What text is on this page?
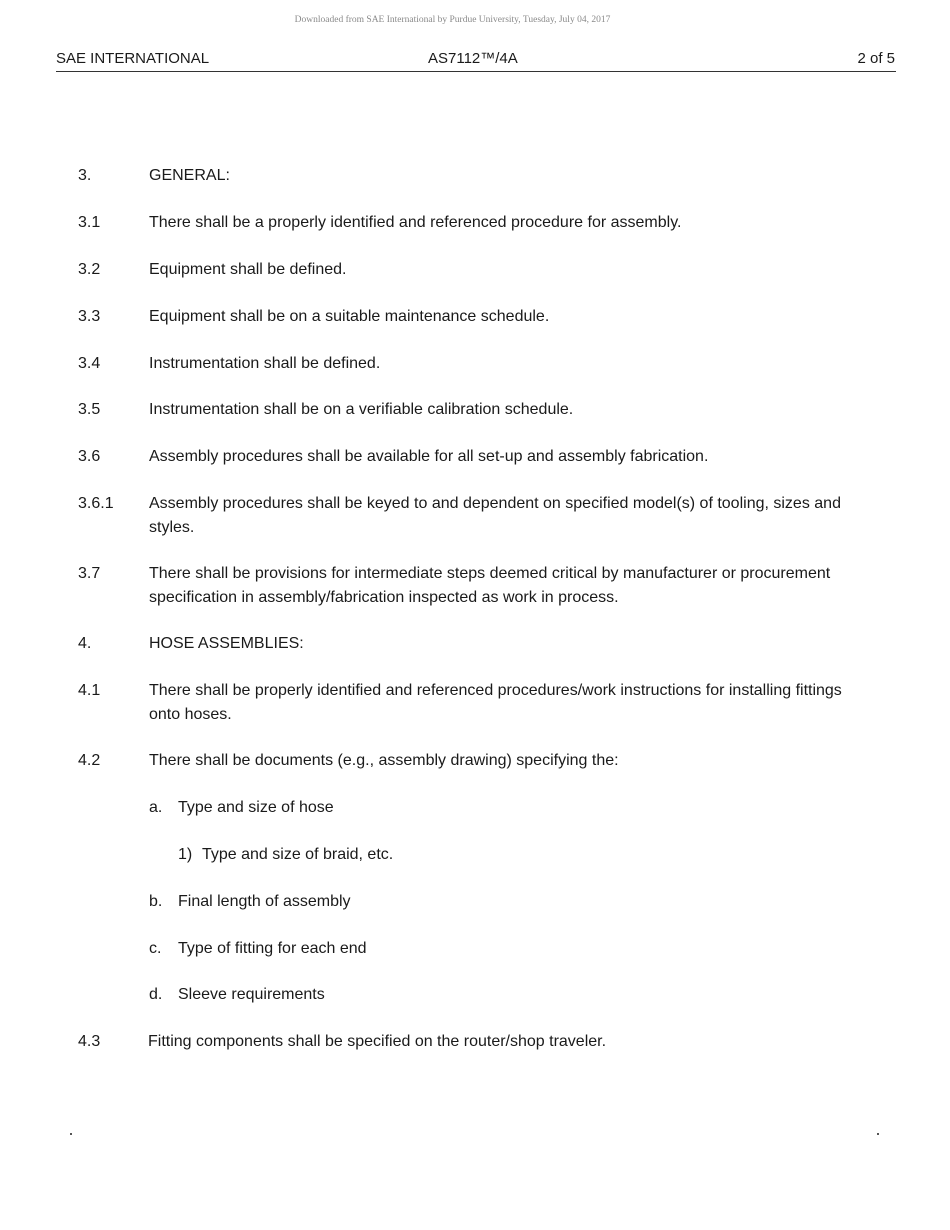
Downloaded from SAE International by Purdue University, Tuesday, July 04, 2017
SAE INTERNATIONAL	AS7112™/4A	2 of 5
3.	GENERAL:
3.1	There shall be a properly identified and referenced procedure for assembly.
3.2	Equipment shall be defined.
3.3	Equipment shall be on a suitable maintenance schedule.
3.4	Instrumentation shall be defined.
3.5	Instrumentation shall be on a verifiable calibration schedule.
3.6	Assembly procedures shall be available for all set-up and assembly fabrication.
3.6.1 Assembly procedures shall be keyed to and dependent on specified model(s) of tooling, sizes and styles.
3.7	There shall be provisions for intermediate steps deemed critical by manufacturer or procurement specification in assembly/fabrication inspected as work in process.
4.	HOSE ASSEMBLIES:
4.1	There shall be properly identified and referenced procedures/work instructions for installing fittings onto hoses.
4.2	There shall be documents (e.g., assembly drawing) specifying the:
a. Type and size of hose
1) Type and size of braid, etc.
b. Final length of assembly
c. Type of fitting for each end
d. Sleeve requirements
4.3	Fitting components shall be specified on the router/shop traveler.
